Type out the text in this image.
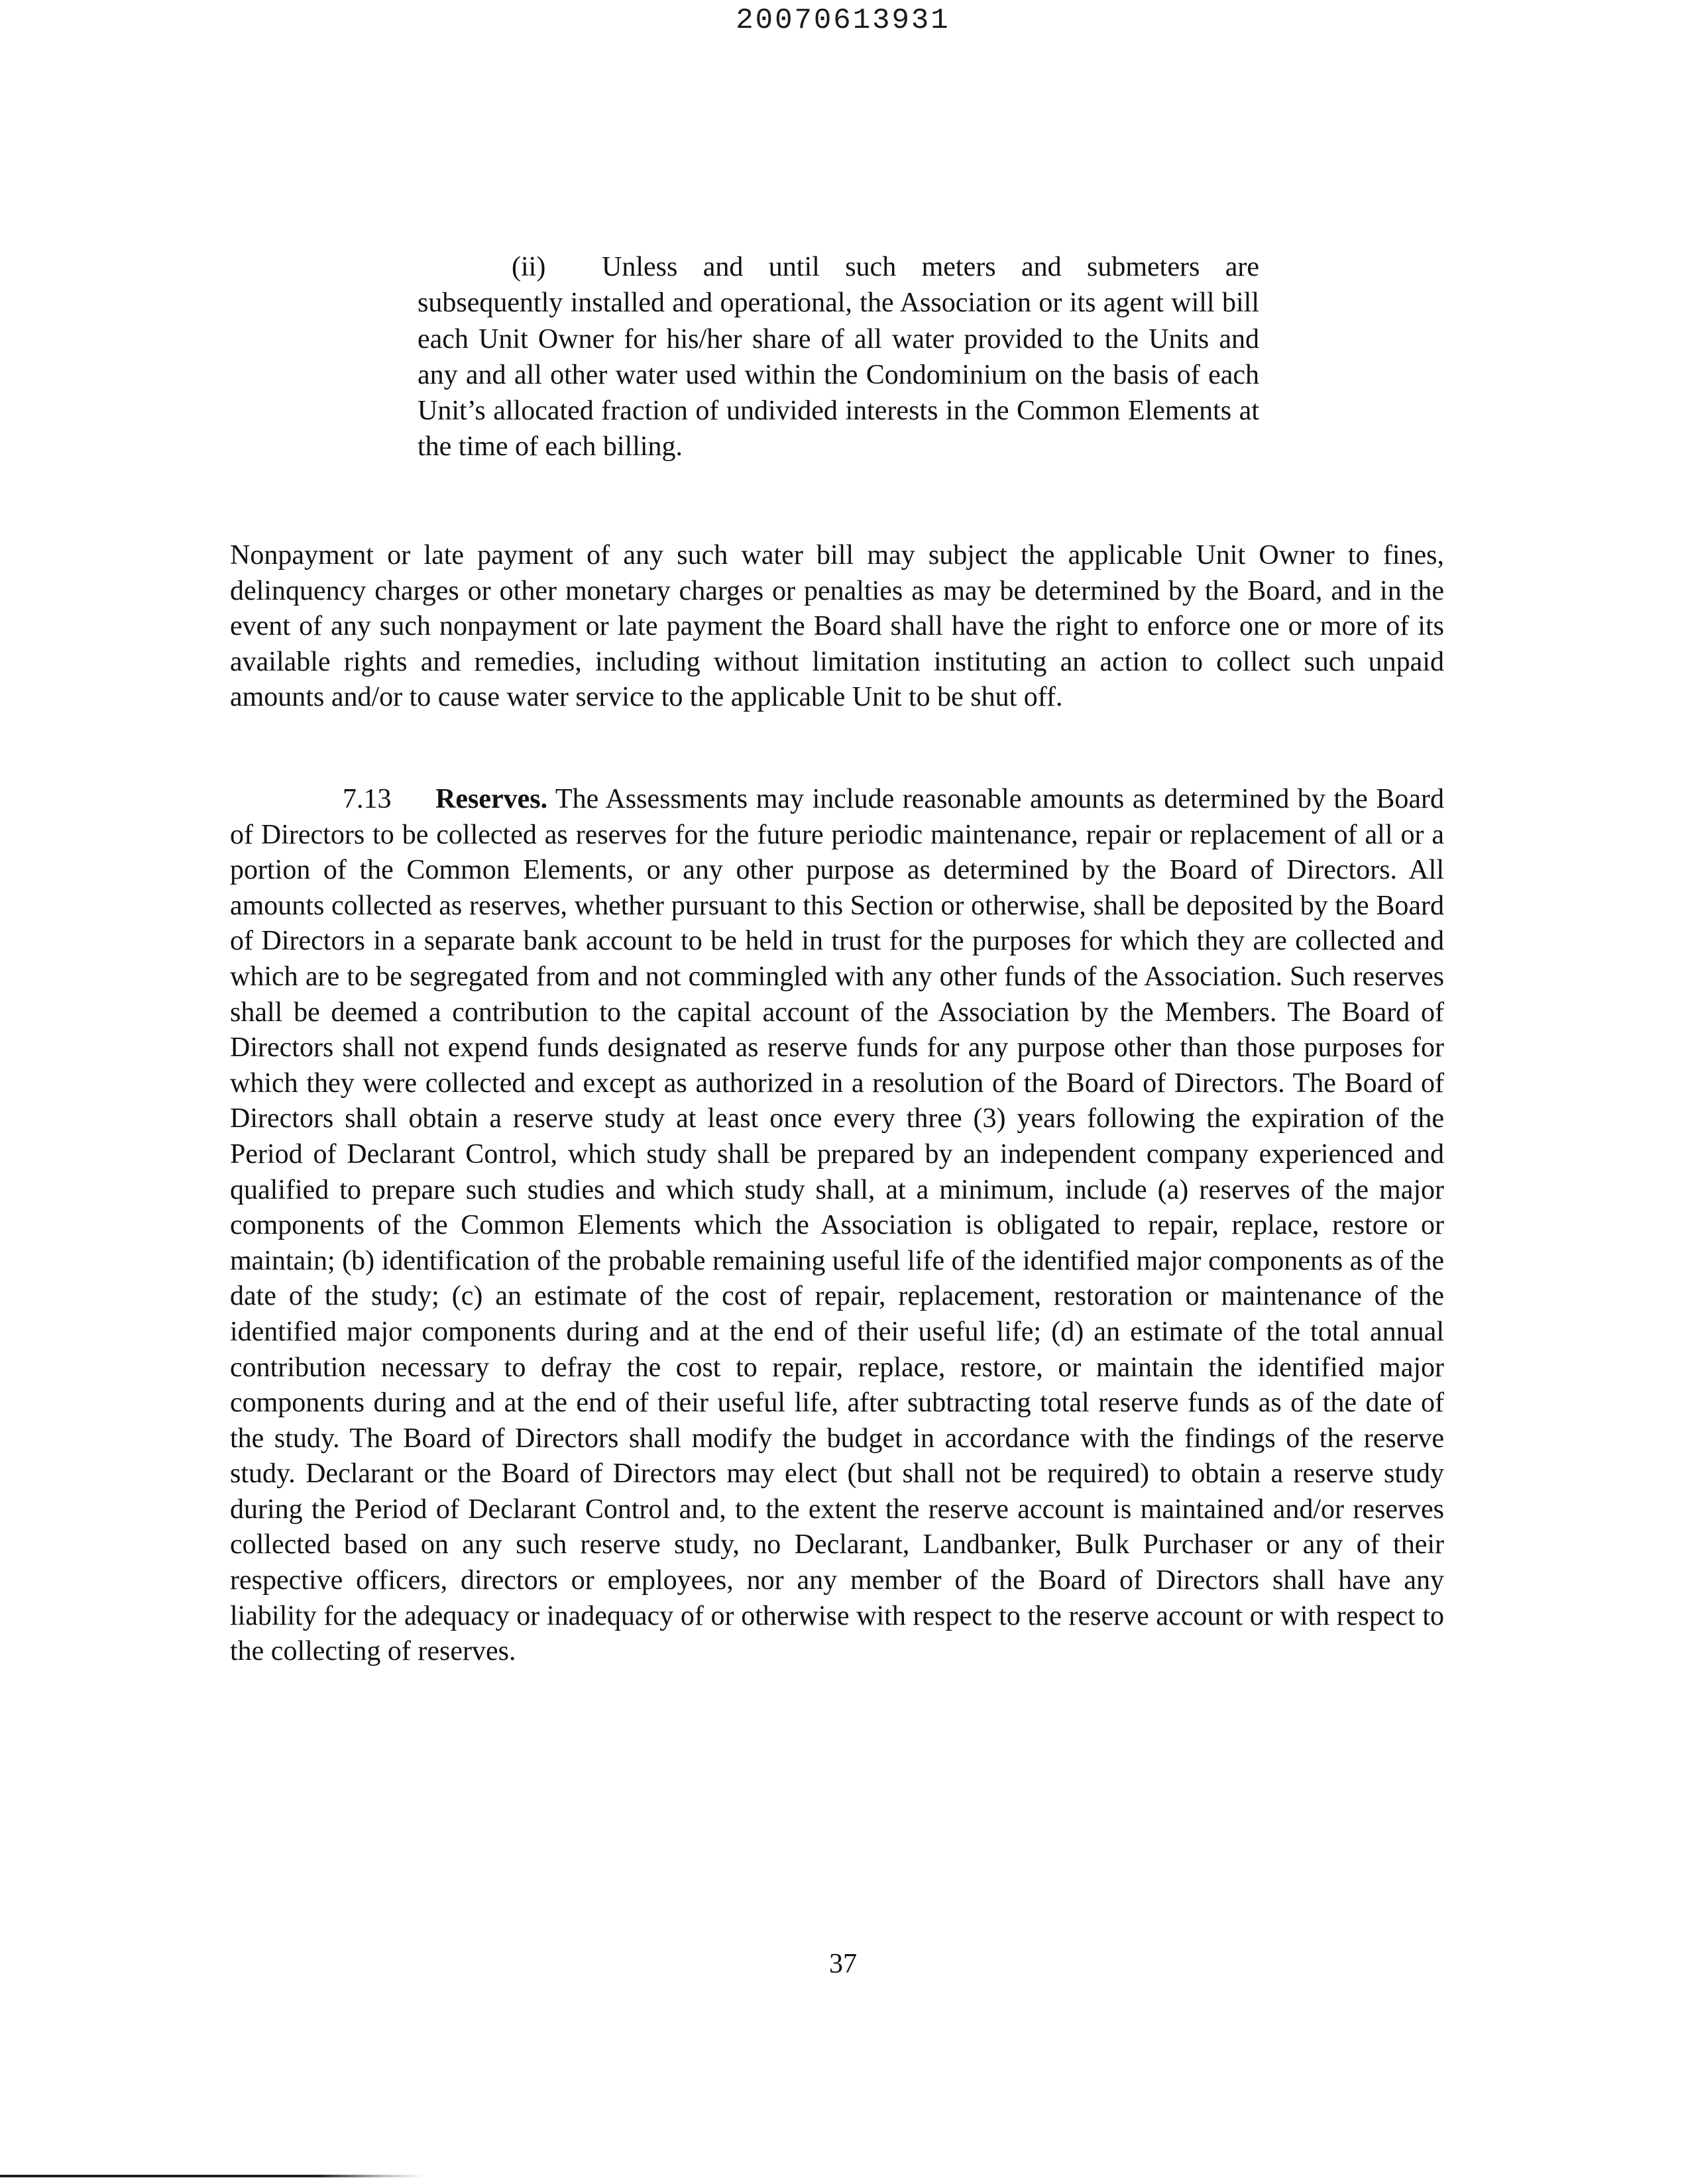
20070613931
(ii) Unless and until such meters and submeters are subsequently installed and operational, the Association or its agent will bill each Unit Owner for his/her share of all water provided to the Units and any and all other water used within the Condominium on the basis of each Unit’s allocated fraction of undivided interests in the Common Elements at the time of each billing.
Nonpayment or late payment of any such water bill may subject the applicable Unit Owner to fines, delinquency charges or other monetary charges or penalties as may be determined by the Board, and in the event of any such nonpayment or late payment the Board shall have the right to enforce one or more of its available rights and remedies, including without limitation instituting an action to collect such unpaid amounts and/or to cause water service to the applicable Unit to be shut off.
7.13 Reserves. The Assessments may include reasonable amounts as determined by the Board of Directors to be collected as reserves for the future periodic maintenance, repair or replacement of all or a portion of the Common Elements, or any other purpose as determined by the Board of Directors. All amounts collected as reserves, whether pursuant to this Section or otherwise, shall be deposited by the Board of Directors in a separate bank account to be held in trust for the purposes for which they are collected and which are to be segregated from and not commingled with any other funds of the Association. Such reserves shall be deemed a contribution to the capital account of the Association by the Members. The Board of Directors shall not expend funds designated as reserve funds for any purpose other than those purposes for which they were collected and except as authorized in a resolution of the Board of Directors. The Board of Directors shall obtain a reserve study at least once every three (3) years following the expiration of the Period of Declarant Control, which study shall be prepared by an independent company experienced and qualified to prepare such studies and which study shall, at a minimum, include (a) reserves of the major components of the Common Elements which the Association is obligated to repair, replace, restore or maintain; (b) identification of the probable remaining useful life of the identified major components as of the date of the study; (c) an estimate of the cost of repair, replacement, restoration or maintenance of the identified major components during and at the end of their useful life; (d) an estimate of the total annual contribution necessary to defray the cost to repair, replace, restore, or maintain the identified major components during and at the end of their useful life, after subtracting total reserve funds as of the date of the study. The Board of Directors shall modify the budget in accordance with the findings of the reserve study. Declarant or the Board of Directors may elect (but shall not be required) to obtain a reserve study during the Period of Declarant Control and, to the extent the reserve account is maintained and/or reserves collected based on any such reserve study, no Declarant, Landbanker, Bulk Purchaser or any of their respective officers, directors or employees, nor any member of the Board of Directors shall have any liability for the adequacy or inadequacy of or otherwise with respect to the reserve account or with respect to the collecting of reserves.
37
